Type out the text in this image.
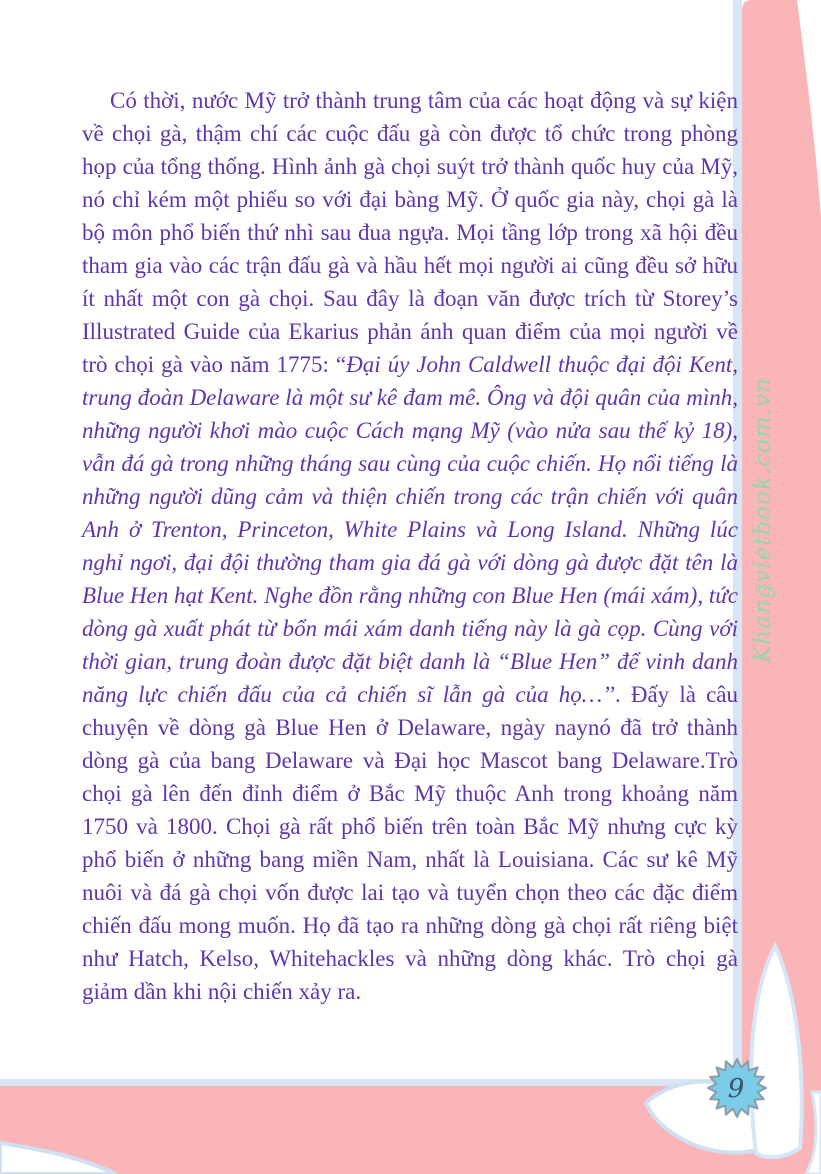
9

Có thời, nước Mỹ trở thành trung tâm của các hoạt động và sự kiện về chọi gà, thậm chí các cuộc đấu gà còn được tổ chức trong phòng họp của tổng thống. Hình ảnh gà chọi suýt trở thành quốc huy của Mỹ, nó chỉ kém một phiếu so với đại bàng Mỹ. Ở quốc gia này, chọi gà là bộ môn phổ biến thứ nhì sau đua ngựa. Mọi tầng lớp trong xã hội đều tham gia vào các trận đấu gà và hầu hết mọi người ai cũng đều sở hữu ít nhất một con gà chọi. Sau đây là đoạn văn được trích từ Storey’s Illustrated Guide của Ekarius phản ánh quan điểm của mọi người về trò chọi gà vào năm 1775: “Đại úy John Caldwell thuộc đại đội Kent, trung đoàn Delaware là một sư kê đam mê. Ông và đội quân của mình, những người khơi mào cuộc Cách mạng Mỹ (vào nửa sau thế kỷ 18), vẫn đá gà trong những tháng sau cùng của cuộc chiến. Họ nổi tiếng là những người dũng cảm và thiện chiến trong các trận chiến với quân Anh ở Trenton, Princeton, White Plains và Long Island. Những lúc nghỉ ngơi, đại đội thường tham gia đá gà với dòng gà được đặt tên là Blue Hen hạt Kent. Nghe đồn rằng những con Blue Hen (mái xám), tức dòng gà xuất phát từ bổn mái xám danh tiếng này là gà cọp. Cùng với thời gian, trung đoàn được đặt biệt danh là “Blue Hen” để vinh danh năng lực chiến đấu của cả chiến sĩ lẫn gà của họ…’’. Đấy là câu chuyện về dòng gà Blue Hen ở Delaware, ngày naynó đã trở thành dòng gà của bang Delaware và Đại học Mascot bang Delaware.Trò chọi gà lên đến đỉnh điểm ở Bắc Mỹ thuộc Anh trong khoảng năm 1750 và 1800. Chọi gà rất phổ biến trên toàn Bắc Mỹ nhưng cực kỳ phổ biến ở những bang miền Nam, nhất là Louisiana. Các sư kê Mỹ nuôi và đá gà chọi vốn được lai tạo và tuyển chọn theo các đặc điểm chiến đấu mong muốn. Họ đã tạo ra những dòng gà chọi rất riêng biệt như Hatch, Kelso, Whitehackles và những dòng khác. Trò chọi gà giảm dần khi nội chiến xảy ra.

Khangvietbook.com.vn
